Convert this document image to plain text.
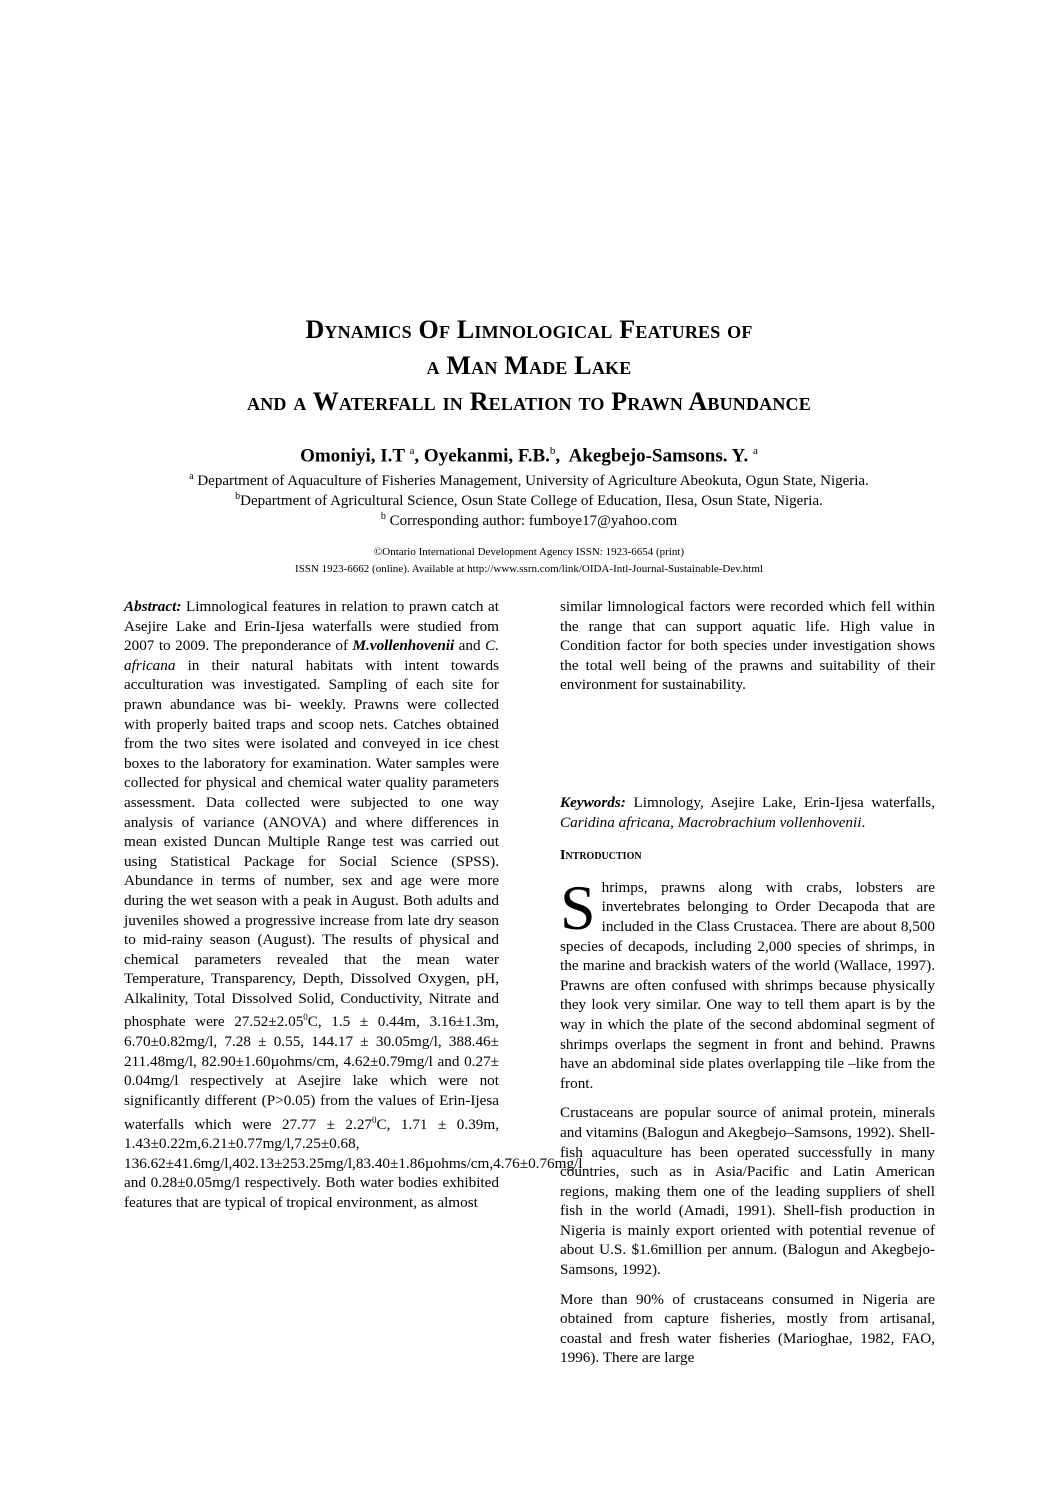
Dynamics Of Limnological Features of
a Man Made Lake
and a Waterfall in Relation to Prawn Abundance
Omoniyi, I.T $^a$, Oyekanmi, F.B.$^b$,  Akegbejo-Samsons. Y. $^a$
$^a$ Department of Aquaculture of Fisheries Management, University of Agriculture Abeokuta, Ogun State, Nigeria.
$^b$Department of Agricultural Science, Osun State College of Education, Ilesa, Osun State, Nigeria.
$^b$ Corresponding author: fumboye17@yahoo.com
©Ontario International Development Agency ISSN: 1923-6654 (print)
ISSN 1923-6662 (online). Available at http://www.ssrn.com/link/OIDA-Intl-Journal-Sustainable-Dev.html

Abstract: Limnological features in relation to prawn catch at Asejire Lake and Erin-Ijesa waterfalls were studied from 2007 to 2009. The preponderance of M.vollenhovenii and C. africana in their natural habitats with intent towards acculturation was investigated. Sampling of each site for prawn abundance was bi- weekly. Prawns were collected with properly baited traps and scoop nets. Catches obtained from the two sites were isolated and conveyed in ice chest boxes to the laboratory for examination. Water samples were collected for physical and chemical water quality parameters assessment. Data collected were subjected to one way analysis of variance (ANOVA) and where differences in mean existed Duncan Multiple Range test was carried out using Statistical Package for Social Science (SPSS). Abundance in terms of number, sex and age were more during the wet season with a peak in August. Both adults and juveniles showed a progressive increase from late dry season to mid-rainy season (August). The results of physical and chemical parameters revealed that the mean water Temperature, Transparency, Depth, Dissolved Oxygen, pH, Alkalinity, Total Dissolved Solid, Conductivity, Nitrate and phosphate were $27.52\pm 2.05^0C$, 1.5 ± 0.44m, 3.16±1.3m, 6.70±0.82mg/l, 7.28 ± 0.55, 144.17 ± 30.05mg/l, 388.46± 211.48mg/l, 82.90±1.60µohms/cm, 4.62±0.79mg/l and 0.27± 0.04mg/l respectively at Asejire lake which were not significantly different (P>0.05) from the values of Erin-Ijesa waterfalls which were $27.77 \pm 2.27^0C$, 1.71 ± 0.39m, 1.43±0.22m,6.21±0.77mg/l,7.25±0.68, 136.62±41.6mg/l,402.13±253.25mg/l,83.40±1.86µohms/cm,4.76±0.76mg/l and 0.28±0.05mg/l respectively. Both water bodies exhibited features that are typical of tropical environment, as almost

similar limnological factors were recorded which fell within the range that can support aquatic life. High value in Condition factor for both species under investigation shows the total well being of the prawns and suitability of their environment for sustainability.

Keywords: Limnology, Asejire Lake, Erin-Ijesa waterfalls, Caridina africana, Macrobrachium vollenhovenii.

Introduction

Shrimps, prawns along with crabs, lobsters are invertebrates belonging to Order Decapoda that are included in the Class Crustacea. There are about 8,500 species of decapods, including 2,000 species of shrimps, in the marine and brackish waters of the world (Wallace, 1997). Prawns are often confused with shrimps because physically they look very similar. One way to tell them apart is by the way in which the plate of the second abdominal segment of shrimps overlaps the segment in front and behind. Prawns have an abdominal side plates overlapping tile –like from the front.

Crustaceans are popular source of animal protein, minerals and vitamins (Balogun and Akegbejo–Samsons, 1992). Shell-fish aquaculture has been operated successfully in many countries, such as in Asia/Pacific and Latin American regions, making them one of the leading suppliers of shell fish in the world (Amadi, 1991). Shell-fish production in Nigeria is mainly export oriented with potential revenue of about U.S. $1.6million per annum. (Balogun and Akegbejo-Samsons, 1992).

More than 90% of crustaceans consumed in Nigeria are obtained from capture fisheries, mostly from artisanal, coastal and fresh water fisheries (Marioghae, 1982, FAO, 1996). There are large
